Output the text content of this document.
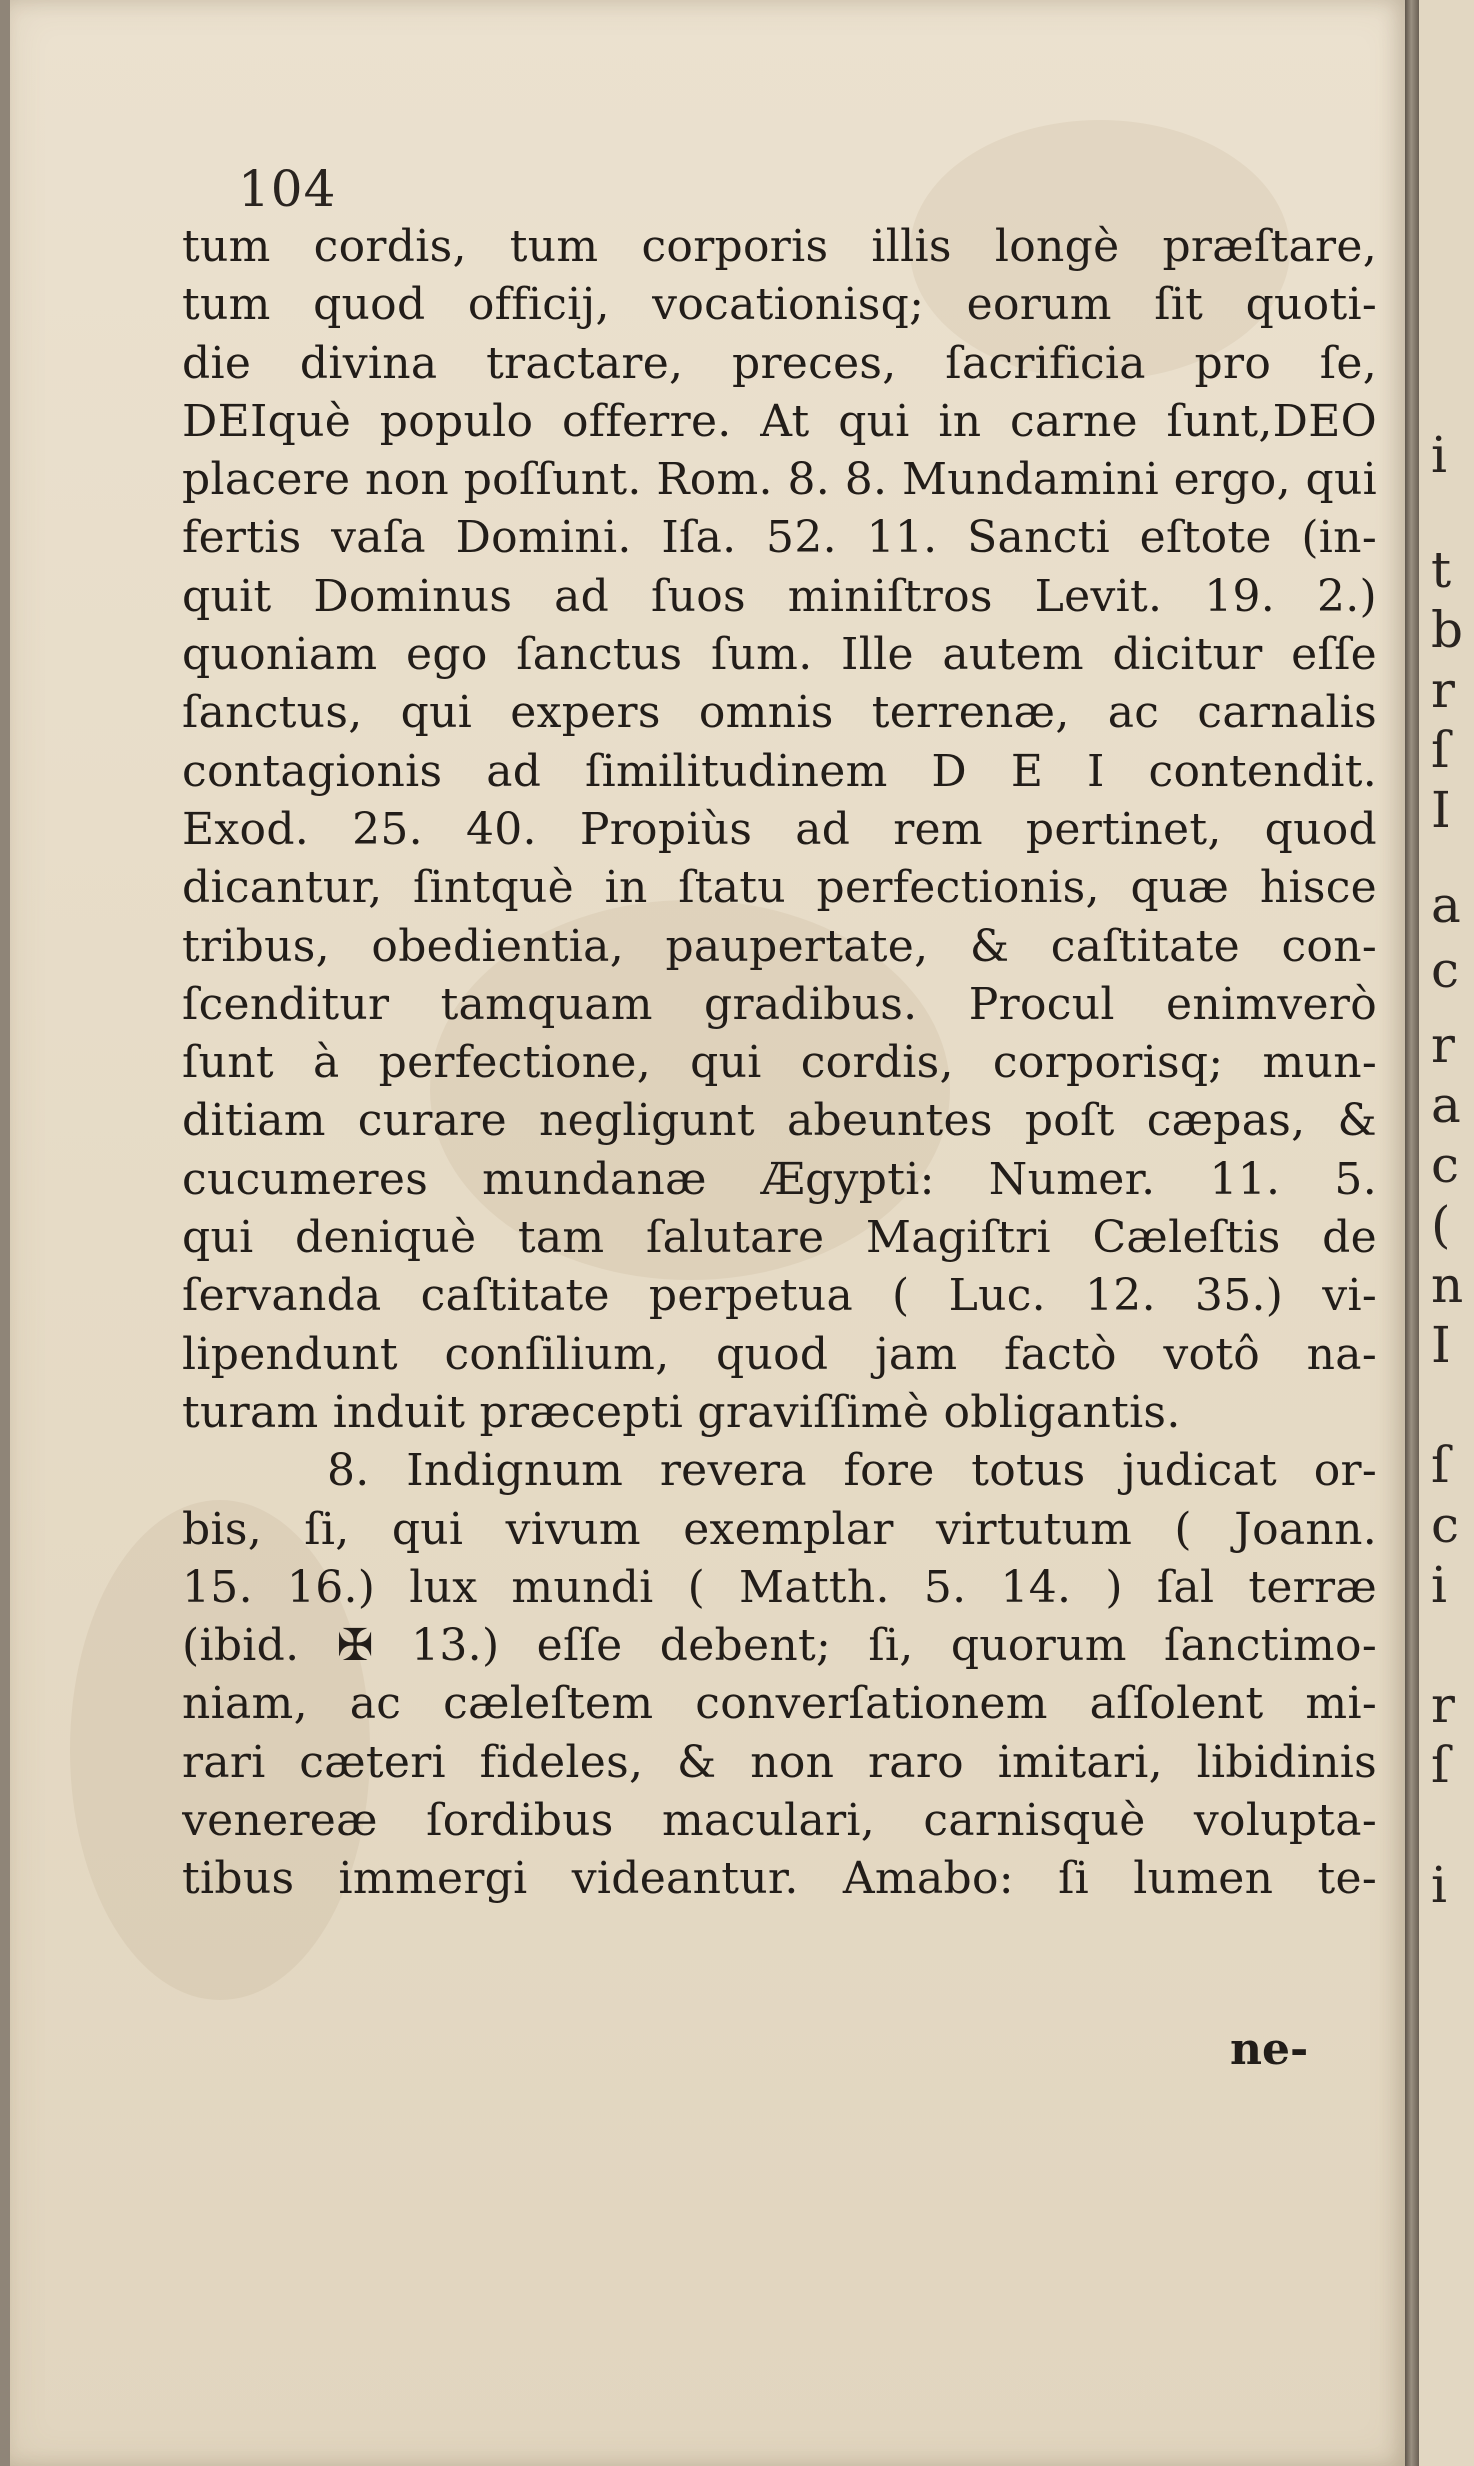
104
tum cordis, tum corporis illis longè præſtare,
tum quod officij, vocationisq; eorum ſit quoti-
die divina tractare, preces, ſacrificia pro ſe,
DEIquè populo offerre. At qui in carne ſunt,DEO
placere non poſſunt. Rom. 8. 8. Mundamini ergo, qui
fertis vaſa Domini. Iſa. 52. 11. Sancti eſtote (in-
quit Dominus ad ſuos miniſtros Levit. 19. 2.)
quoniam ego ſanctus ſum. Ille autem dicitur eſſe
ſanctus, qui expers omnis terrenæ, ac carnalis
contagionis ad ſimilitudinem D E I contendit.
Exod. 25. 40. Propiùs ad rem pertinet, quod
dicantur, ſintquè in ſtatu perfectionis, quæ hisce
tribus, obedientia, paupertate, & caſtitate con-
ſcenditur tamquam gradibus. Procul enimverò
ſunt à perfectione, qui cordis, corporisq; mun-
ditiam curare negligunt abeuntes poſt cæpas, &
cucumeres mundanæ Ægypti: Numer. 11. 5.
qui deniquè tam ſalutare Magiſtri Cæleſtis de
ſervanda caſtitate perpetua ( Luc. 12. 35.) vi-
lipendunt conſilium, quod jam factò votô na-
turam induit præcepti graviſſimè obligantis.
8. Indignum revera fore totus judicat or-
bis, ſi, qui vivum exemplar virtutum ( Joann.
15. 16.) lux mundi ( Matth. 5. 14. ) ſal terræ
(ibid. ✠ 13.) eſſe debent; ſi, quorum ſanctimo-
niam, ac cæleſtem converſationem aſſolent mi-
rari cæteri fideles, & non raro imitari, libidinis
venereæ ſordibus maculari, carnisquè volupta-
tibus immergi videantur. Amabo: ſi lumen te-
ne-
i
t
b
r
ſ
I
a
c
r
a
c
(
n
I
ſ
c
i
r
ſ
i
